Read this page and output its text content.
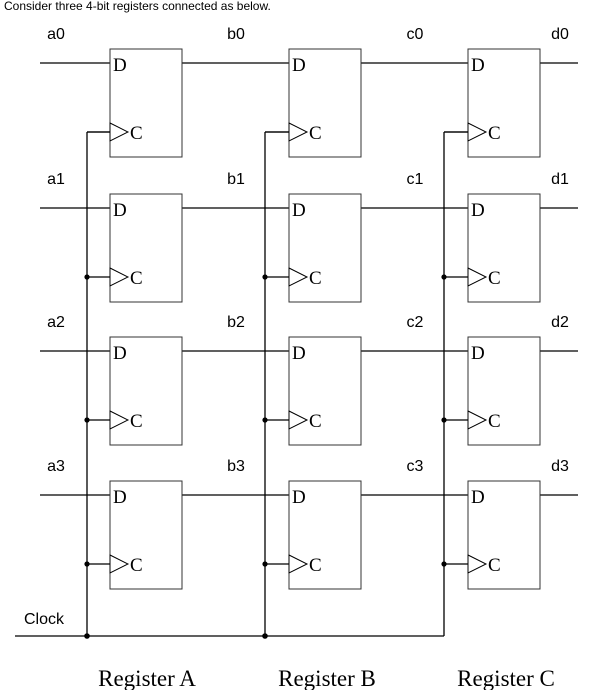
Consider three 4-bit registers connected as below.
a0	b0	c0	d0
D
C
D
C
D
C
a1	b1	c1	d1
D
C
D
C
D
C
a2	b2	c2	d2
D
C
D
C
D
C
a3	b3	c3	d3
D
C
D
C
D
C
Clock
Register A	Register B	Register C
